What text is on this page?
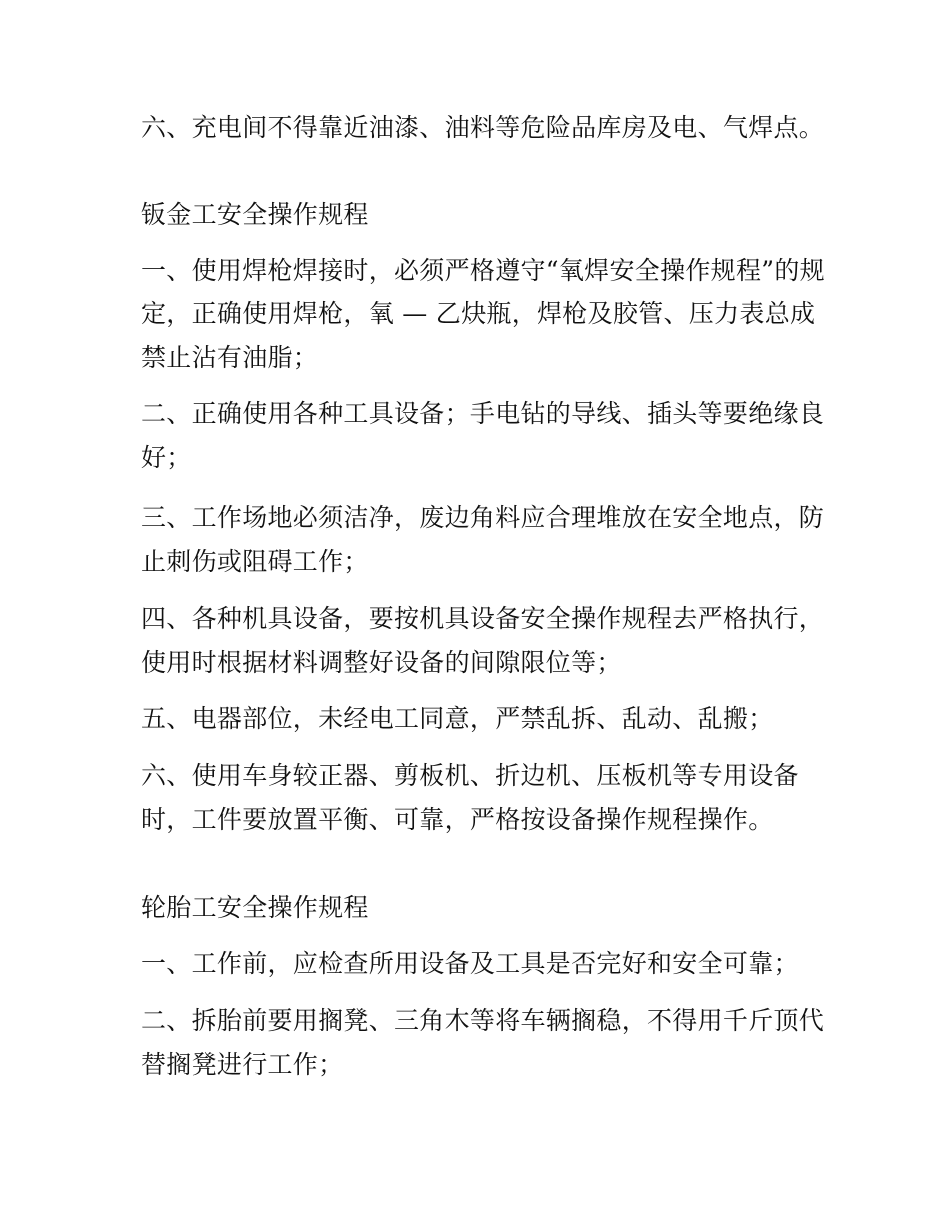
六、充电间不得靠近油漆、油料等危险品库房及电、气焊点。
钣金工安全操作规程
一、使用焊枪焊接时，必须严格遵守“氧焊安全操作规程”的规
定，正确使用焊枪，氧 — 乙炔瓶，焊枪及胶管、压力表总成
禁止沾有油脂；
二、正确使用各种工具设备；手电钻的导线、插头等要绝缘良
好；
三、工作场地必须洁净，废边角料应合理堆放在安全地点，防
止刺伤或阻碍工作；
四、各种机具设备，要按机具设备安全操作规程去严格执行，
使用时根据材料调整好设备的间隙限位等；
五、电器部位，未经电工同意，严禁乱拆、乱动、乱搬；
六、使用车身较正器、剪板机、折边机、压板机等专用设备
时，工件要放置平衡、可靠，严格按设备操作规程操作。
轮胎工安全操作规程
一、工作前，应检查所用设备及工具是否完好和安全可靠；
二、拆胎前要用搁凳、三角木等将车辆搁稳，不得用千斤顶代
替搁凳进行工作；
